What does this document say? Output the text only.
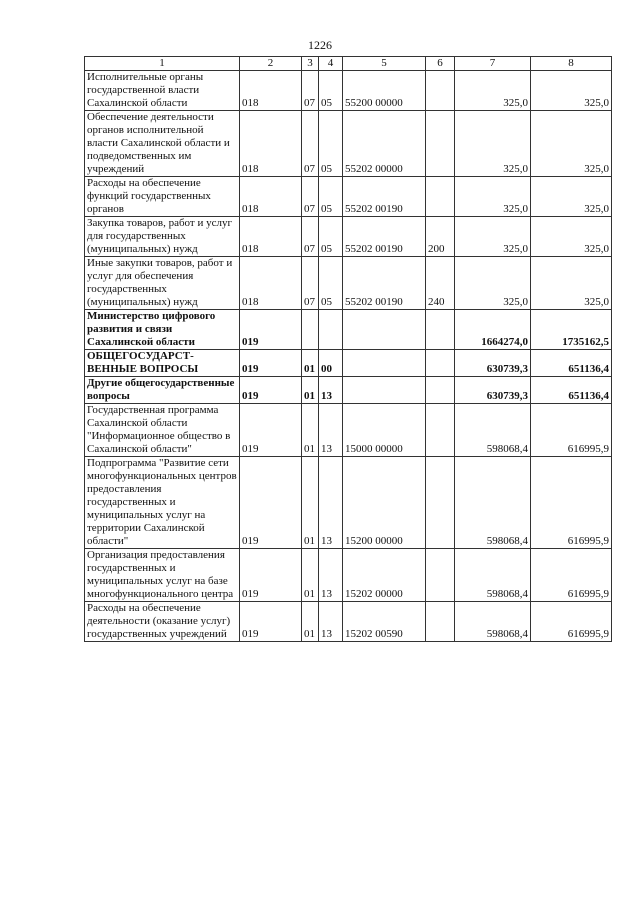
1226
1	2	3	4	5	6	7	8
Исполнительные органы государственной власти Сахалинской области	018	07	05	55200 00000		325,0	325,0
Обеспечение деятельности органов исполнительной власти Сахалинской области и подведомственных им учреждений	018	07	05	55202 00000		325,0	325,0
Расходы на обеспечение функций государственных органов	018	07	05	55202 00190		325,0	325,0
Закупка товаров, работ и услуг для государственных (муниципальных) нужд	018	07	05	55202 00190	200	325,0	325,0
Иные закупки товаров, работ и услуг для обеспечения государственных (муниципальных) нужд	018	07	05	55202 00190	240	325,0	325,0
Министерство цифрового развития и связи Сахалинской области	019					1664274,0	1735162,5
ОБЩЕГОСУДАРСТ-ВЕННЫЕ ВОПРОСЫ	019	01	00			630739,3	651136,4
Другие общегосударственные вопросы	019	01	13			630739,3	651136,4
Государственная программа Сахалинской области "Информационное общество в Сахалинской области"	019	01	13	15000 00000		598068,4	616995,9
Подпрограмма "Развитие сети многофункциональных центров предоставления государственных и муниципальных услуг на территории Сахалинской области"	019	01	13	15200 00000		598068,4	616995,9
Организация предоставления государственных и муниципальных услуг на базе многофункционального центра	019	01	13	15202 00000		598068,4	616995,9
Расходы на обеспечение деятельности (оказание услуг) государственных учреждений	019	01	13	15202 00590		598068,4	616995,9
